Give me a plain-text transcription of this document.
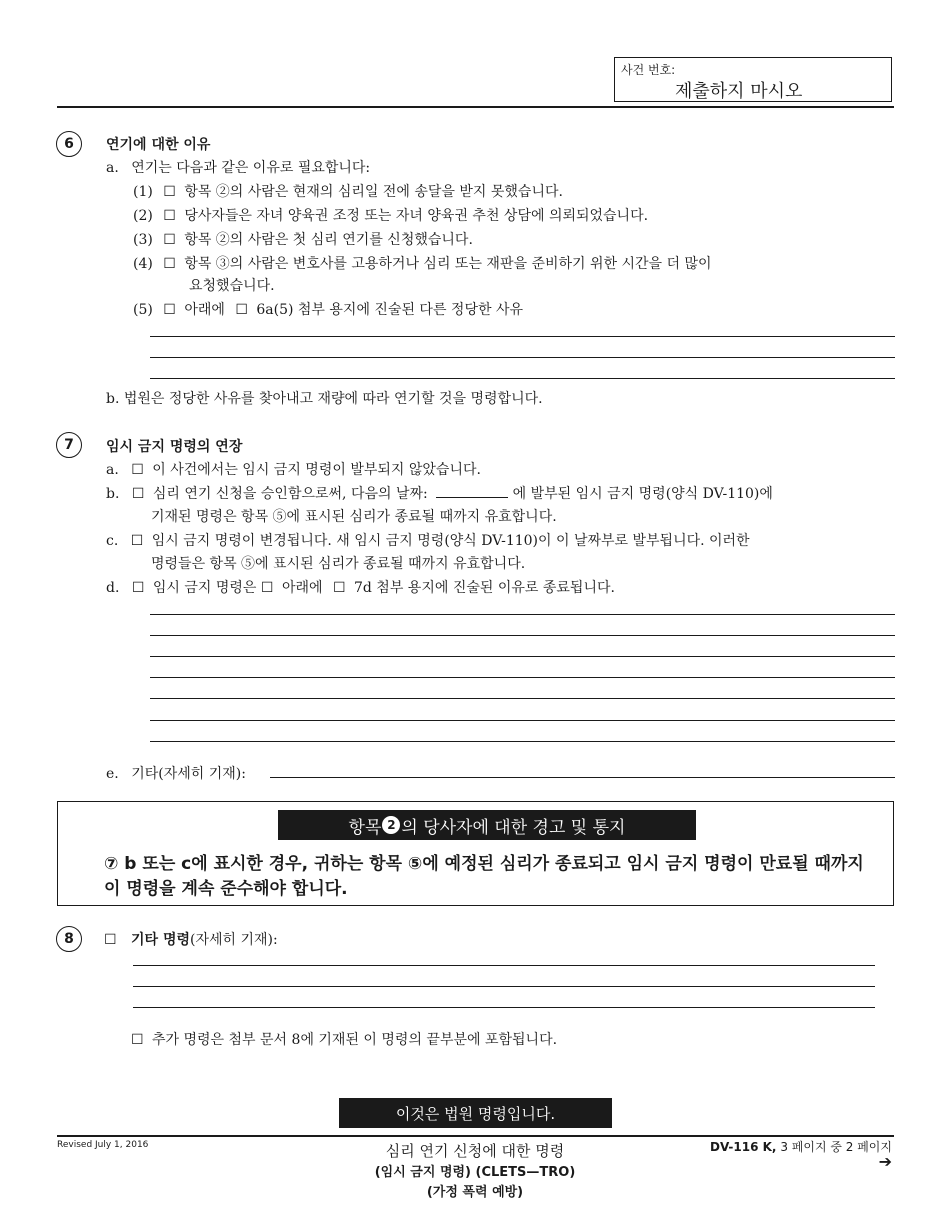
사건 번호:
제출하지 마시오
6	연기에 대한 이유
a. 연기는 다음과 같은 이유로 필요합니다:
(1) ☐ 항목 ②의 사람은 현재의 심리일 전에 송달을 받지 못했습니다.
(2) ☐ 당사자들은 자녀 양육권 조정 또는 자녀 양육권 추천 상담에 의뢰되었습니다.
(3) ☐ 항목 ②의 사람은 첫 심리 연기를 신청했습니다.
(4) ☐ 항목 ③의 사람은 변호사를 고용하거나 심리 또는 재판을 준비하기 위한 시간을 더 많이
요청했습니다.
(5) ☐ 아래에 ☐ 6a(5) 첨부 용지에 진술된 다른 정당한 사유
b. 법원은 정당한 사유를 찾아내고 재량에 따라 연기할 것을 명령합니다.
7	임시 금지 명령의 연장
a. ☐ 이 사건에서는 임시 금지 명령이 발부되지 않았습니다.
b. ☐ 심리 연기 신청을 승인함으로써, 다음의 날짜:	에 발부된 임시 금지 명령(양식 DV-110)에
기재된 명령은 항목 ⑤에 표시된 심리가 종료될 때까지 유효합니다.
c. ☐ 임시 금지 명령이 변경됩니다. 새 임시 금지 명령(양식 DV-110)이 이 날짜부로 발부됩니다. 이러한
명령들은 항목 ⑤에 표시된 심리가 종료될 때까지 유효합니다.
d. ☐ 임시 금지 명령은 ☐ 아래에 ☐ 7d 첨부 용지에 진술된 이유로 종료됩니다.
e. 기타(자세히 기재):
항목 2 의 당사자에 대한 경고 및 통지
⑦ b 또는 c에 표시한 경우, 귀하는 항목 ⑤에 예정된 심리가 종료되고 임시 금지 명령이 만료될 때까지 이 명령을 계속 준수해야 합니다.
8	☐ 기타 명령(자세히 기재):
☐ 추가 명령은 첨부 문서 8에 기재된 이 명령의 끝부분에 포함됩니다.
이것은 법원 명령입니다.
Revised July 1, 2016	심리 연기 신청에 대한 명령
(임시 금지 명령) (CLETS—TRO)
(가정 폭력 예방)
DV-116 K, 3 페이지 중 2 페이지
➔
